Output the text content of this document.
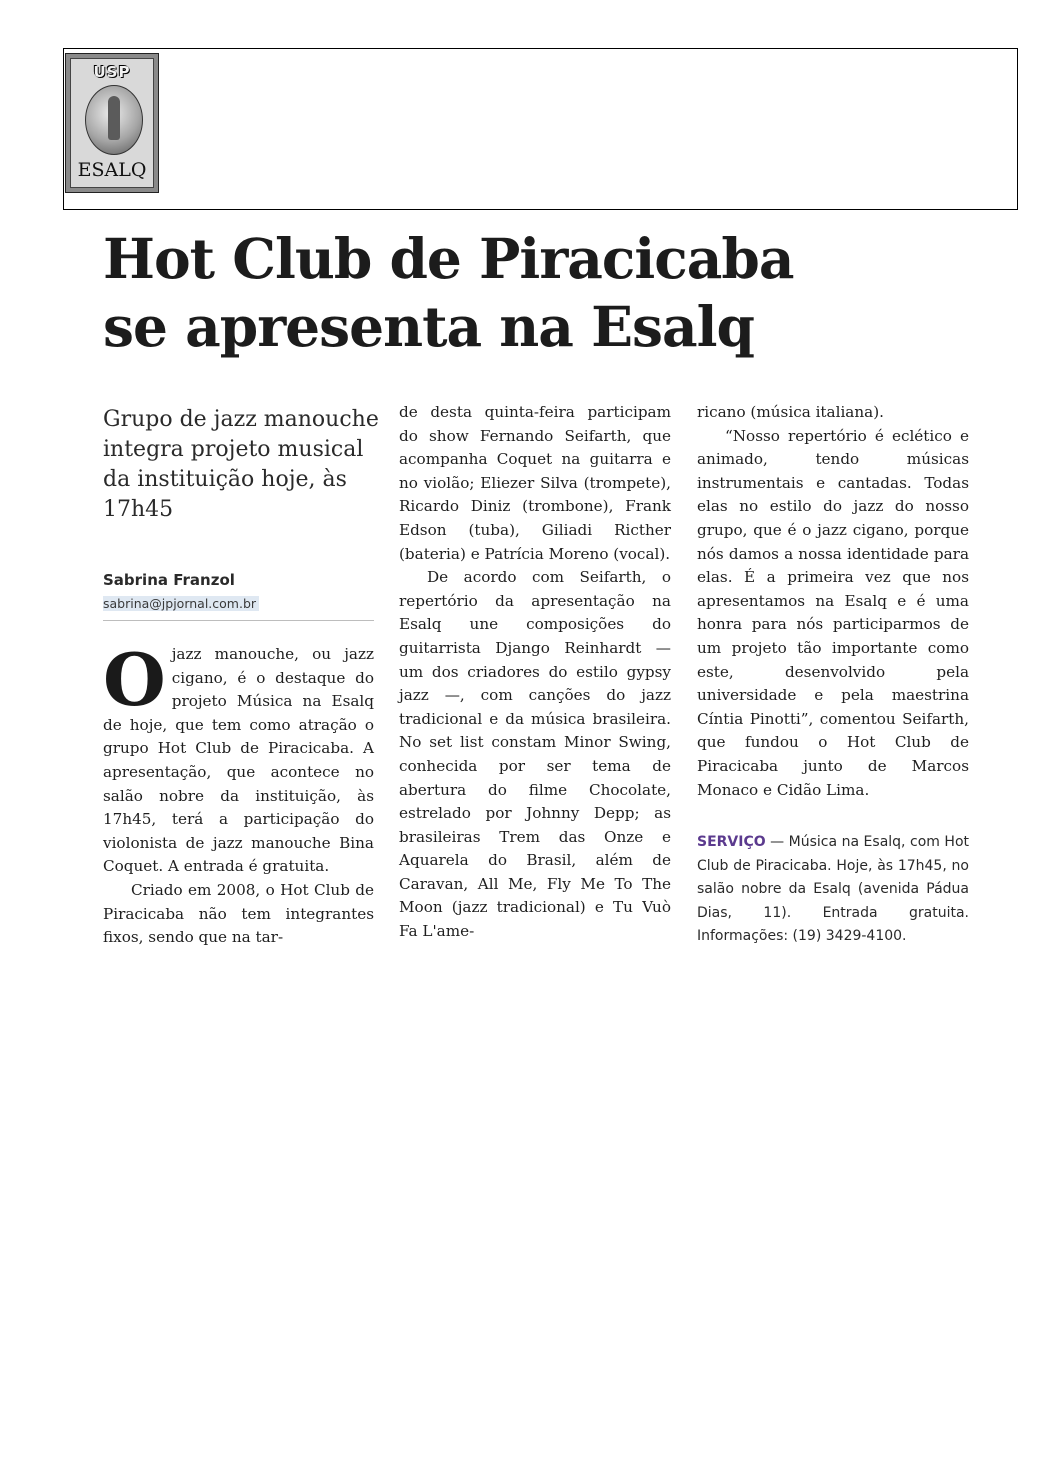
USP
ESALQ
Hot Club de Piracicaba se apresenta na Esalq

Grupo de jazz manouche integra projeto musical da instituição hoje, às 17h45

Sabrina Franzol

sabrina@jpjornal.com.br

O jazz manouche, ou jazz cigano, é o destaque do projeto Música na Esalq de hoje, que tem como atração o grupo Hot Club de Piracicaba. A apresentação, que acontece no salão nobre da instituição, às 17h45, terá a participação do violonista de jazz manouche Bina Coquet. A entrada é gratuita.

Criado em 2008, o Hot Club de Piracicaba não tem integrantes fixos, sendo que na tar-

de desta quinta-feira participam do show Fernando Seifarth, que acompanha Coquet na guitarra e no violão; Eliezer Silva (trompete), Ricardo Diniz (trombone), Frank Edson (tuba), Giliadi Ricther (bateria) e Patrícia Moreno (vocal).

De acordo com Seifarth, o repertório da apresentação na Esalq une composições do guitarrista Django Reinhardt — um dos criadores do estilo gypsy jazz —, com canções do jazz tradicional e da música brasileira. No set list constam Minor Swing, conhecida por ser tema de abertura do filme Chocolate, estrelado por Johnny Depp; as brasileiras Trem das Onze e Aquarela do Brasil, além de Caravan, All Me, Fly Me To The Moon (jazz tradicional) e Tu Vuò Fa L'ame-

ricano (música italiana).

“Nosso repertório é eclético e animado, tendo músicas instrumentais e cantadas. Todas elas no estilo do jazz do nosso grupo, que é o jazz cigano, porque nós damos a nossa identidade para elas. É a primeira vez que nos apresentamos na Esalq e é uma honra para nós participarmos de um projeto tão importante como este, desenvolvido pela universidade e pela maestrina Cíntia Pinotti”, comentou Seifarth, que fundou o Hot Club de Piracicaba junto de Marcos Monaco e Cidão Lima.

SERVIÇO — Música na Esalq, com Hot Club de Piracicaba. Hoje, às 17h45, no salão nobre da Esalq (avenida Pádua Dias, 11). Entrada gratuita. Informações: (19) 3429-4100.
